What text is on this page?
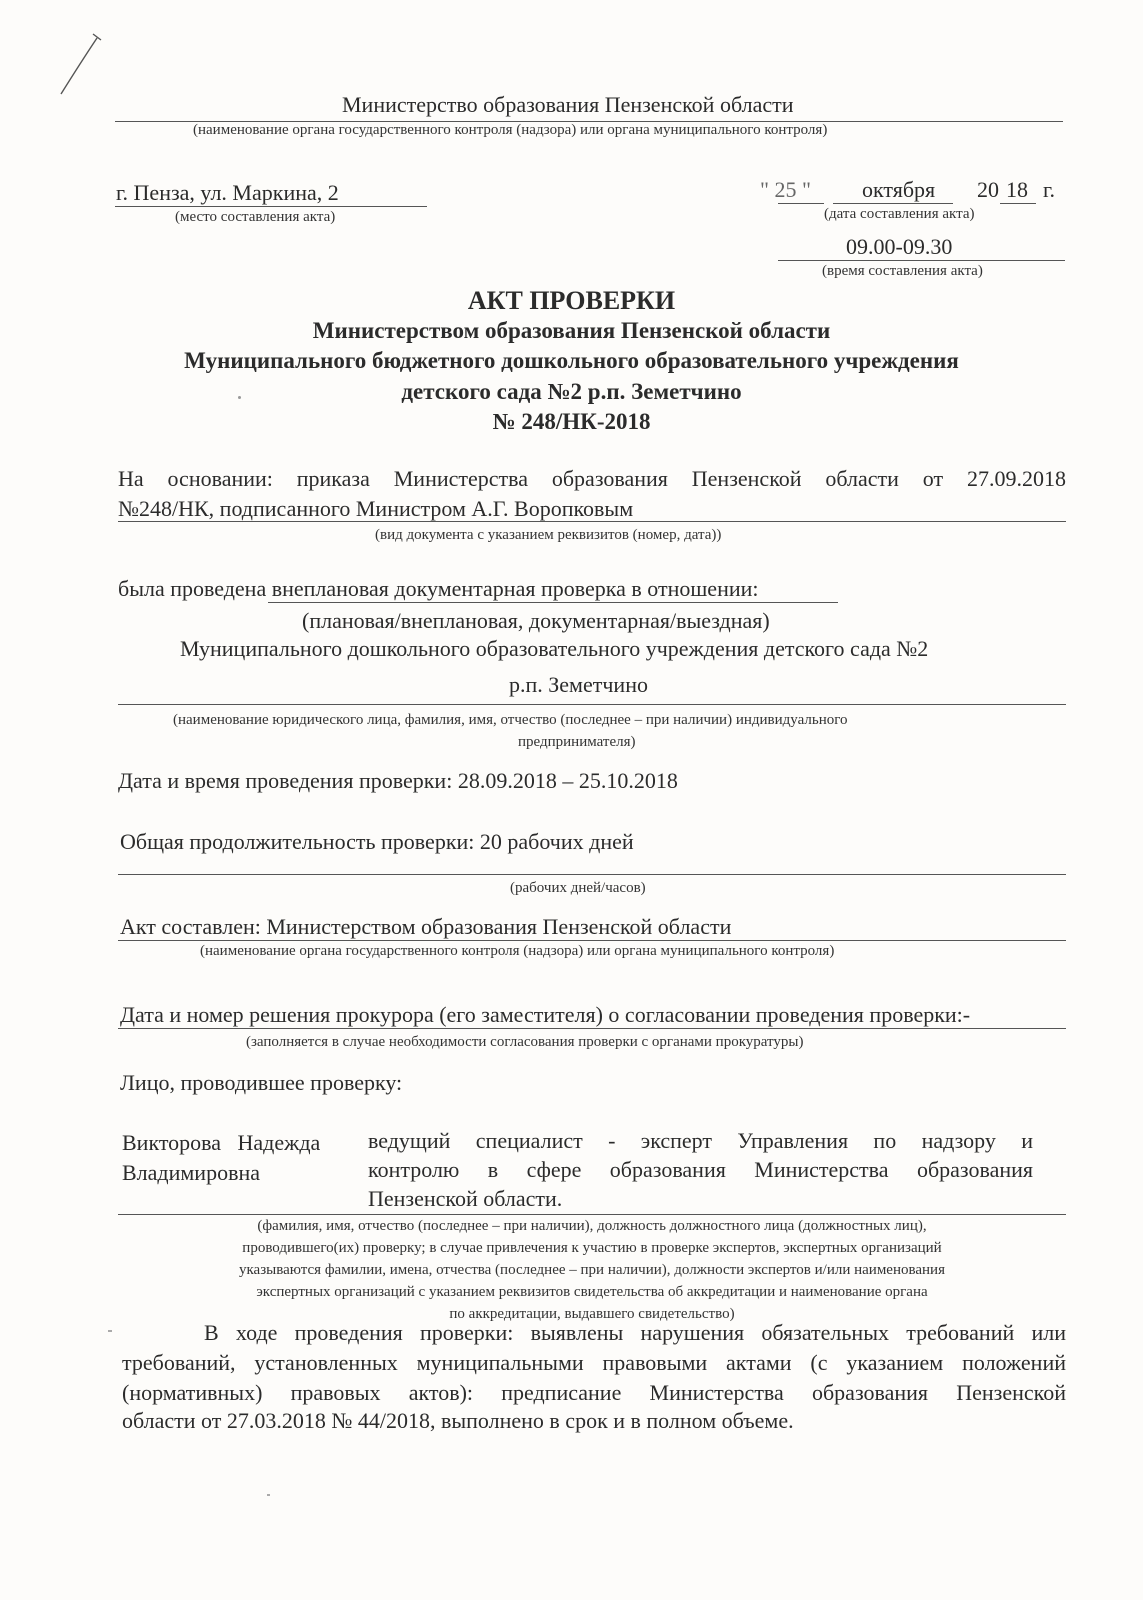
Министерство образования Пензенской области
(наименование органа государственного контроля (надзора) или органа муниципального контроля)
г. Пенза, ул. Маркина, 2
(место составления акта)
" 25 " октября 20 18 г.
(дата составления акта)
09.00-09.30
(время составления акта)
АКТ ПРОВЕРКИ
Министерством образования Пензенской области
Муниципального бюджетного дошкольного образовательного учреждения
детского сада №2 р.п. Земетчино
№ 248/НК-2018
На основании: приказа Министерства образования Пензенской области от 27.09.2018
№248/НК, подписанного Министром А.Г. Воропковым
(вид документа с указанием реквизитов (номер, дата))
была проведена внеплановая документарная проверка в отношении:
(плановая/внеплановая, документарная/выездная)
Муниципального дошкольного образовательного учреждения детского сада №2
р.п. Земетчино
(наименование юридического лица, фамилия, имя, отчество (последнее – при наличии) индивидуального
предпринимателя)
Дата и время проведения проверки: 28.09.2018 – 25.10.2018
Общая продолжительность проверки: 20 рабочих дней
(рабочих дней/часов)
Акт составлен: Министерством образования Пензенской области
(наименование органа государственного контроля (надзора) или органа муниципального контроля)
Дата и номер решения прокурора (его заместителя) о согласовании проведения проверки:-
(заполняется в случае необходимости согласования проверки с органами прокуратуры)
Лицо, проводившее проверку:
Викторова   Надежда
Владимировна
ведущий специалист - эксперт Управления по надзору и
контролю в сфере образования Министерства образования
Пензенской области.
(фамилия, имя, отчество (последнее – при наличии), должность должностного лица (должностных лиц),
проводившего(их) проверку; в случае привлечения к участию в проверке экспертов, экспертных организаций
указываются фамилии, имена, отчества (последнее – при наличии), должности экспертов и/или наименования
экспертных организаций с указанием реквизитов свидетельства об аккредитации и наименование органа
по аккредитации, выдавшего свидетельство)
В ходе проведения проверки: выявлены нарушения обязательных требований или
требований, установленных муниципальными правовыми актами (с указанием положений
(нормативных) правовых актов): предписание Министерства образования Пензенской
области от 27.03.2018 № 44/2018, выполнено в срок и в полном объеме.
